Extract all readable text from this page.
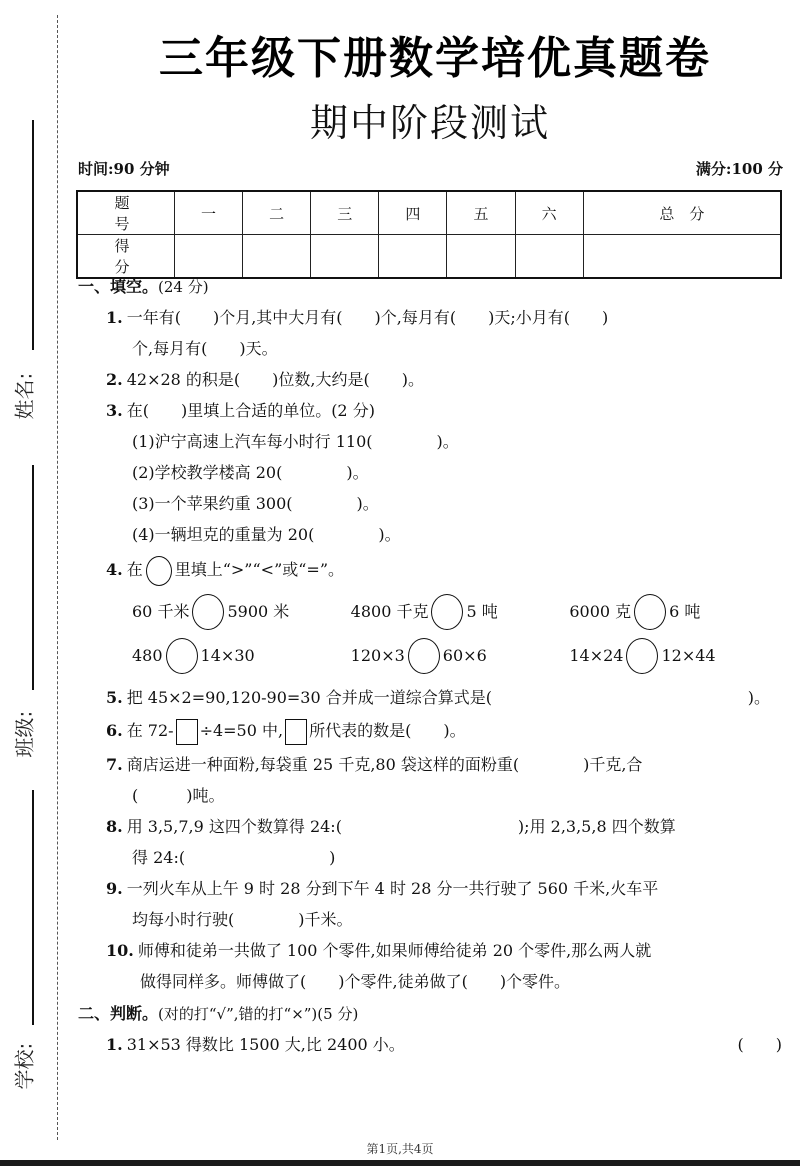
姓名:
班级:
学校:
三年级下册数学培优真题卷
期中阶段测试
时间:90 分钟	满分:100 分
题　号	一	二	三	四	五	六	总　分
得　分							
一、填空。(24 分)
1. 一年有(　　)个月,其中大月有(　　)个,每月有(　　)天;小月有(　　)
个,每月有(　　)天。
2. 42×28 的积是(　　)位数,大约是(　　)。
3. 在(　　)里填上合适的单位。(2 分)
(1)沪宁高速上汽车每小时行 110(　　　　)。
(2)学校教学楼高 20(　　　　)。
(3)一个苹果约重 300(　　　　)。
(4)一辆坦克的重量为 20(　　　　)。
4. 在 里填上“>”“<”或“=”。
60 千米 5900 米	4800 千克 5 吨	6000 克 6 吨
480 14×30	120×3 60×6	14×24 12×44
5. 把 45×2=90,120-90=30 合并成一道综合算式是(	)。
6. 在 72- ÷4=50 中, 所代表的数是(　　)。
7. 商店运进一种面粉,每袋重 25 千克,80 袋这样的面粉重(　　　　)千克,合
(　　　)吨。
8. 用 3,5,7,9 这四个数算得 24:(　　　　　　　　　　　);用 2,3,5,8 四个数算
得 24:(　　　　　　　　　)
9. 一列火车从上午 9 时 28 分到下午 4 时 28 分一共行驶了 560 千米,火车平
均每小时行驶(　　　　)千米。
10. 师傅和徒弟一共做了 100 个零件,如果师傅给徒弟 20 个零件,那么两人就
做得同样多。师傅做了(　　)个零件,徒弟做了(　　)个零件。
二、判断。(对的打“√”,错的打“×”)(5 分)
1. 31×53 得数比 1500 大,比 2400 小。	(　　)
第1页,共4页
